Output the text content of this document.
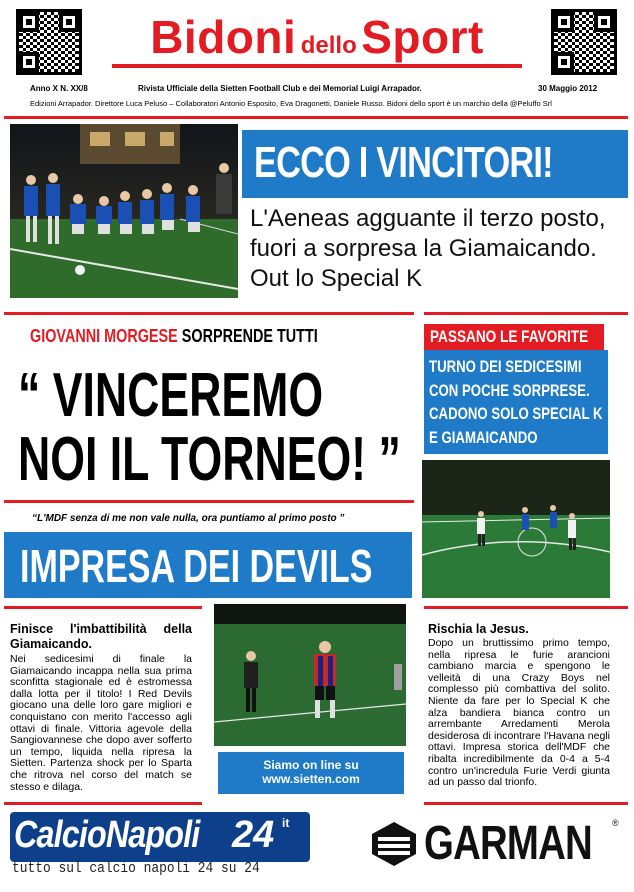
Bidoni dello Sport
Anno X N. XX/8	Rivista Ufficiale della Sietten Football Club e dei Memorial Luigi Arrapador.	30 Maggio 2012
Edizioni Arrapador. Direttore Luca Peluso – Collaboratori Antonio Esposito, Eva Dragonetti, Daniele Russo. Bidoni dello sport è un marchio della @Peluffo Srl
ECCO I VINCITORI!
L'Aeneas agguante il terzo posto, fuori a sorpresa la Giamaicando. Out lo Special K
GIOVANNI MORGESE SORPRENDE TUTTI
“ VINCEREMO
NOI IL TORNEO! ”
“L'MDF senza di me non vale nulla, ora puntiamo al primo posto ”
PASSANO LE FAVORITE
TURNO DEI SEDICESIMI CON POCHE SORPRESE. CADONO SOLO SPECIAL K E GIAMAICANDO
IMPRESA DEI DEVILS
Finisce l'imbattibilità della Giamaicando.
Nei sedicesimi di finale la Giamaicando incappa nella sua prima sconfitta stagionale ed è estromessa dalla lotta per il titolo! I Red Devils giocano una delle loro gare migliori e conquistano con merito l'accesso agli ottavi di finale. Vittoria agevole della Sangiovannese che dopo aver sofferto un tempo, liquida nella ripresa la Sietten. Partenza shock per lo Sparta che ritrova nel corso del match se stesso e dilaga.
Siamo on line su
www.sietten.com
Rischia la Jesus.
Dopo un bruttissimo primo tempo, nella ripresa le furie arancioni cambiano marcia e spengono le velleità di una Crazy Boys nel complesso più combattiva del solito. Niente da fare per lo Special K che alza bandiera bianca contro un arrembante Arredamenti Merola desiderosa di incontrare l'Havana negli ottavi. Impresa storica dell'MDF che ribalta incredibilmente da 0-4 a 5-4 contro un'incredula Furie Verdi giunta ad un passo dal trionfo.
CalcioNapoli 24 it
tutto sul calcio napoli 24 su 24	GARMAN ®
